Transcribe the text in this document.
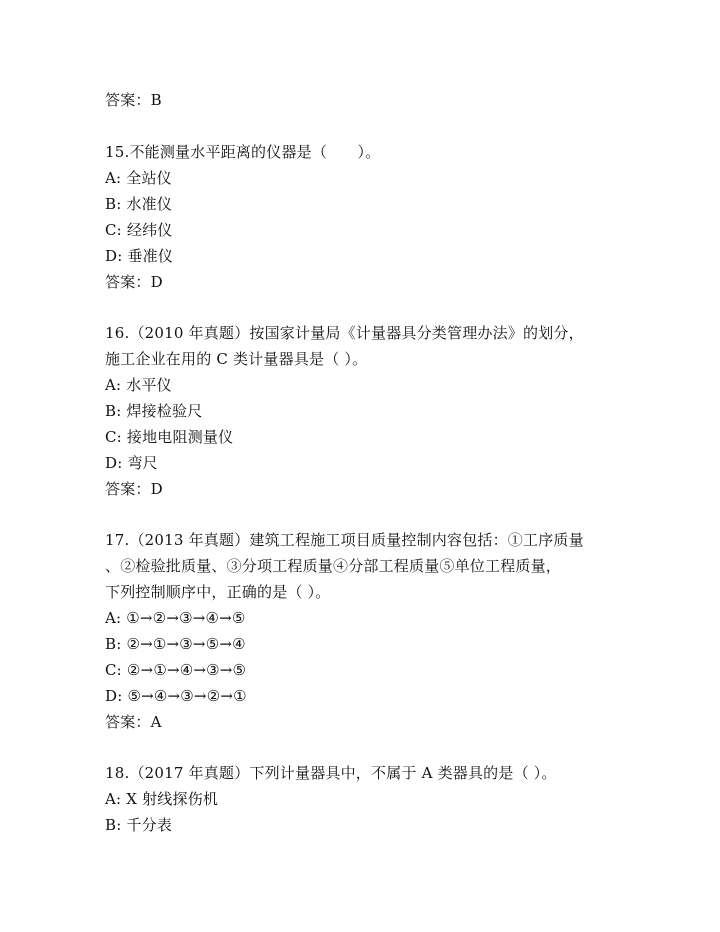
答案：B
15.不能测量水平距离的仪器是（　　）。
A: 全站仪
B: 水准仪
C: 经纬仪
D: 垂准仪
答案：D
16.（2010 年真题）按国家计量局《计量器具分类管理办法》的划分，
施工企业在用的 C 类计量器具是（ ）。
A: 水平仪
B: 焊接检验尺
C: 接地电阻测量仪
D: 弯尺
答案：D
17.（2013 年真题）建筑工程施工项目质量控制内容包括：①工序质量
、②检验批质量、③分项工程质量④分部工程质量⑤单位工程质量，
下列控制顺序中，正确的是（ ）。
A: ①→②→③→④→⑤
B: ②→①→③→⑤→④
C: ②→①→④→③→⑤
D: ⑤→④→③→②→①
答案：A
18.（2017 年真题）下列计量器具中，不属于 A 类器具的是（ ）。
A: X 射线探伤机
B: 千分表
